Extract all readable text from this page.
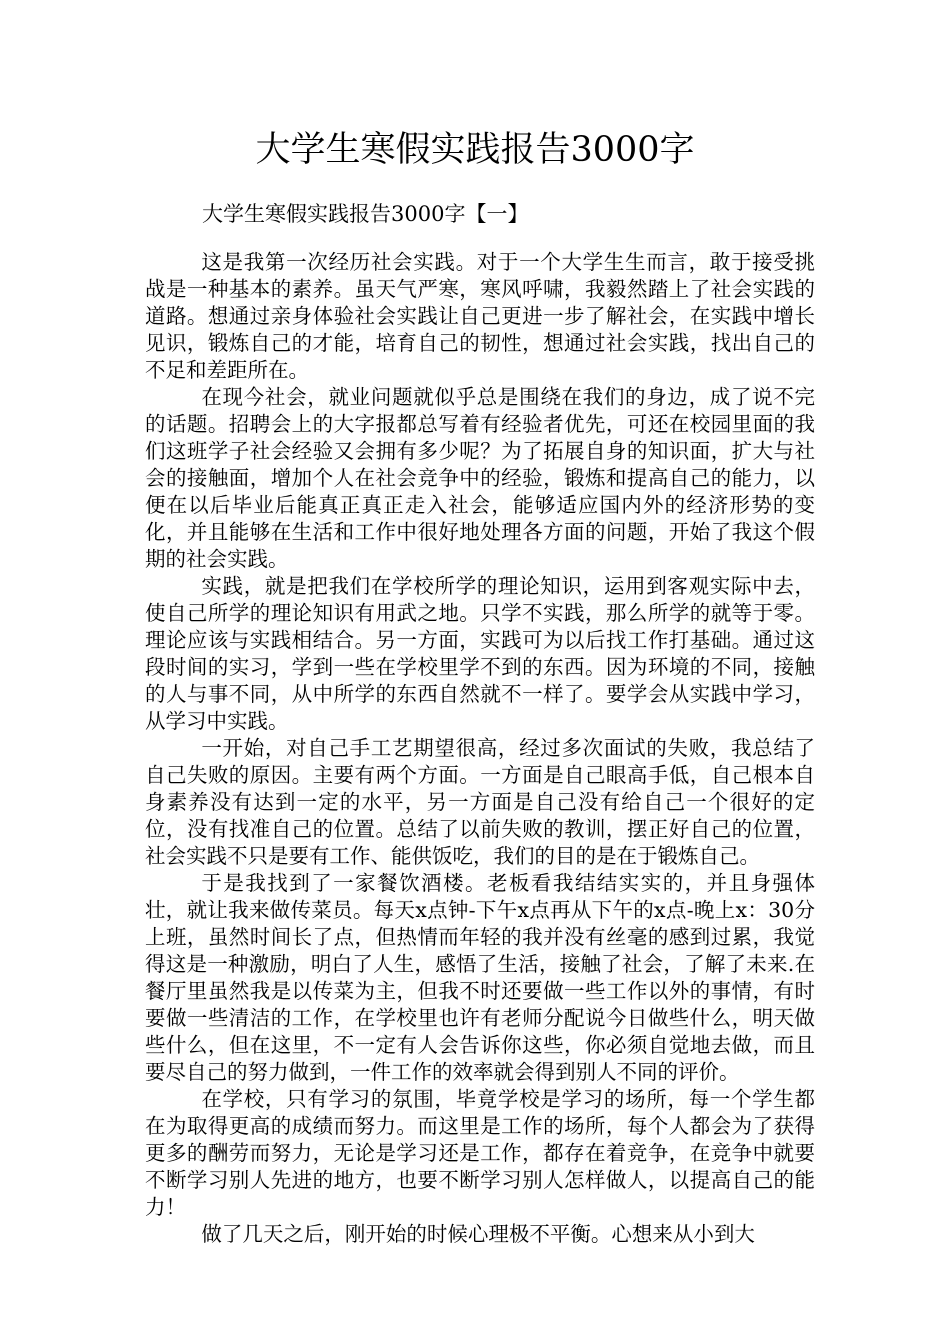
大学生寒假实践报告3000字
大学生寒假实践报告3000字【一】

这是我第一次经历社会实践。对于一个大学生生而言，敢于接受挑战是一种基本的素养。虽天气严寒，寒风呼啸，我毅然踏上了社会实践的道路。想通过亲身体验社会实践让自己更进一步了解社会，在实践中增长见识，锻炼自己的才能，培育自己的韧性，想通过社会实践，找出自己的不足和差距所在。

在现今社会，就业问题就似乎总是围绕在我们的身边，成了说不完的话题。招聘会上的大字报都总写着有经验者优先，可还在校园里面的我们这班学子社会经验又会拥有多少呢？为了拓展自身的知识面，扩大与社会的接触面，增加个人在社会竞争中的经验，锻炼和提高自己的能力，以便在以后毕业后能真正真正走入社会，能够适应国内外的经济形势的变化，并且能够在生活和工作中很好地处理各方面的问题，开始了我这个假期的社会实践。

实践，就是把我们在学校所学的理论知识，运用到客观实际中去，使自己所学的理论知识有用武之地。只学不实践，那么所学的就等于零。理论应该与实践相结合。另一方面，实践可为以后找工作打基础。通过这段时间的实习，学到一些在学校里学不到的东西。因为环境的不同，接触的人与事不同，从中所学的东西自然就不一样了。要学会从实践中学习，从学习中实践。

一开始，对自己手工艺期望很高，经过多次面试的失败，我总结了自己失败的原因。主要有两个方面。一方面是自己眼高手低，自己根本自身素养没有达到一定的水平，另一方面是自己没有给自己一个很好的定位，没有找准自己的位置。总结了以前失败的教训，摆正好自己的位置，社会实践不只是要有工作、能供饭吃，我们的目的是在于锻炼自己。

于是我找到了一家餐饮酒楼。老板看我结结实实的，并且身强体壮，就让我来做传菜员。每天x点钟-下午x点再从下午的x点-晚上x：30分上班，虽然时间长了点，但热情而年轻的我并没有丝毫的感到过累，我觉得这是一种激励，明白了人生，感悟了生活，接触了社会，了解了未来.在餐厅里虽然我是以传菜为主，但我不时还要做一些工作以外的事情，有时要做一些清洁的工作，在学校里也许有老师分配说今日做些什么，明天做些什么，但在这里，不一定有人会告诉你这些，你必须自觉地去做，而且要尽自己的努力做到，一件工作的效率就会得到别人不同的评价。

在学校，只有学习的氛围，毕竟学校是学习的场所，每一个学生都在为取得更高的成绩而努力。而这里是工作的场所，每个人都会为了获得更多的酬劳而努力，无论是学习还是工作，都存在着竞争，在竞争中就要不断学习别人先进的地方，也要不断学习别人怎样做人，以提高自己的能力！

做了几天之后，刚开始的时候心理极不平衡。心想来从小到大
